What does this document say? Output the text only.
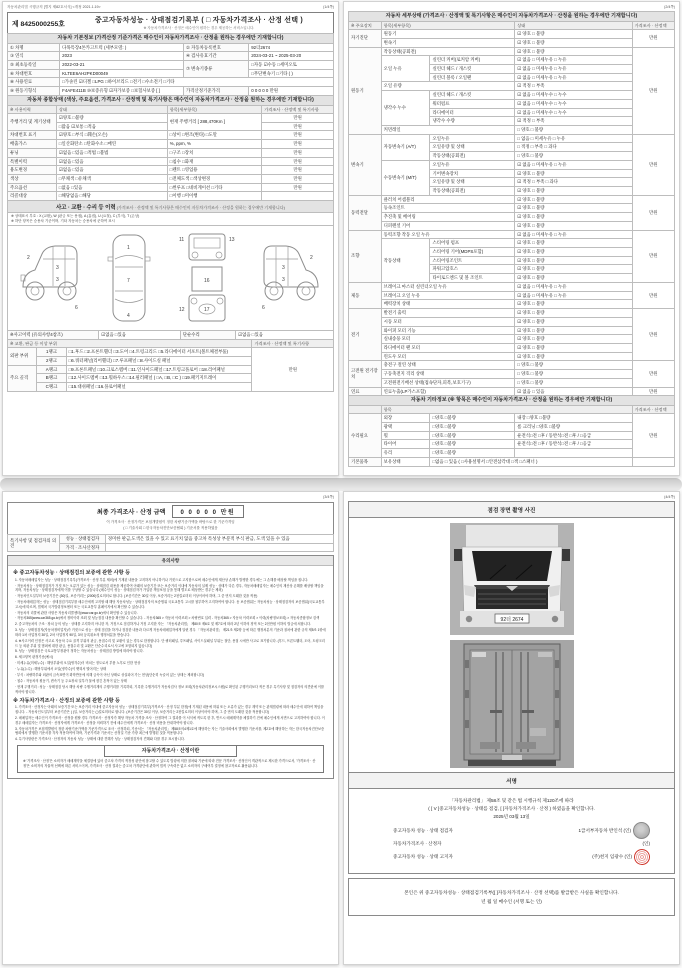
자동차관리법 시행규칙 [별지 제82호서식] <개정 2021.1.19>	(1/4쪽)
제 8425000255호
중고자동차성능 · 상태점검기록부 ( □ 자동차가격조사 · 산정 선택 )
※ 자동차가격조사 · 산정은 매수인이 원하는 경우 제공하는 서비스입니다.
자동차 기본정보 (가격산정 기준가격은 매수인이 자동차가격조사 · 산정을 원하는 경우에만 기재합니다)			
① 차명	다목특장4톤카고트럭 (세부모델: )	② 자동차등록번호	92더2674
③ 연식	2023	④ 검사유효기간	2024-03-21 ~ 2025-03-20
⑤ 최초등록일	2022-03-21	⑦ 변속기종류	□자동 ☑수동 □세미오토
⑥ 차대번호	KLTEE6AH2PKD00049		□무단변속기 □기타 ( )
⑧ 사용연료	□가솔린 ☑디젤 □LPG □하이브리드 □전기 □수소전기 □기타		
⑨ 원동기형식	F4AFE411B ⑩보증유형 ☑자가보증 □보험사보증 [ ]	가격산정기준가격	0 0 0 0 0 만원
자동차 종합상태 (색상, 주요옵션, 가격조사 · 산정액 및 특기사항은 매수인이 자동차가격조사 · 산정을 원하는 경우에만 기재합니다)			
※ 사용이력	상태	항목(세부항목)	가격조사 · 산정액 및 특기사항
주행거리 및 계기상태	☑양호 □불량	현재 주행거리 [ 288,470Km ]	만원
	□많음 ☑보통 □적음		만원
차대번호 표기	☑양호 □부식 □훼손(오손)	□상이 □변조(변타) □도말	만원
배출가스	□일산화탄소 □탄화수소 □매연	%, ppm, %	만원
튜닝	☑없음 □있음 □적법 □불법	□구조 □장치	만원
특별이력	☑없음 □있음	□침수 □화재	만원
용도변경	☑없음 □있음	□렌트 □영업용	만원
색상	□무채색 □유채색	□전체도색 □색상변경	만원
주요옵션	□없음 □있음	□썬루프 □네비게이션 □기타	만원
리콜대상	□해당없음 □해당	□이행 □미이행	
사고 · 교환 · 수리 등 이력 (가격조사 · 산정액 및 특기사항은 매수인이 자동차가격조사 · 산정을 원하는 경우에만 기재합니다)
※ 상태표시 부호 : X (교환), W (판금 또는 용접), A (흠집), U (요철), C (부식), T (손상)
※ 하단 항목은 승용차 기준이며, 기타 자동차는 승용차에 준하여 표시
2
3
3
6
1
7
4
11	13
16
17
12
2
3
3
6
※사고이력 (유의사항4참조)	☑없음 □있음	단순수리	☑없음 □있음
※ 교환, 판금 등 이상 부위			가격조사 · 산정액 및 특기사항
외판 부위	1랭크	□1.후드 □2.프론트휀더 □3.도어 □4.트렁크리드 □5.라디에이터 서포트(볼트체결부품)	만원
	2랭크	□6.쿼터패널(리어휀더) □7.루프패널 □8.사이드실 패널	
주요 골격	A랭크	□9.프론트패널 □10.크로스멤버 □11.인사이드패널 □17.트렁크플로어 □18.리어패널	
	B랭크	□12.사이드멤버 □13.휠하우스 □14.필러패널 ( □A, □B, □C ) □19.패키지트레이	
	C랭크	□15.대쉬패널 □16.플로어패널	
(2/4쪽)
자동차 세부상태 (가격조사 · 산정액 및 특기사항은 매수인이 자동차가격조사 · 산정을 원하는 경우에만 기재합니다)				
※ 주요장치	항목(세부항목)		상태	가격조사 · 산정액
자기진단	원동기		☑ 양호 □ 불량	만원
	변속기		☑ 양호 □ 불량	
원동기	작동상태(공회전)		☑ 양호 □ 불량	만원
	오일 누유	실린더 커버(로커암 커버)	☑ 없음 □ 미세누유 □ 누유	
		실린더 헤드 / 개스킷	☑ 없음 □ 미세누유 □ 누유	
		실린더 블록 / 오일팬	☑ 없음 □ 미세누유 □ 누유	
	오일 유량		☑ 적정 □ 부족	
	냉각수 누수	실린더 헤드 / 개스킷	☑ 없음 □ 미세누수 □ 누수	
		워터펌프	☑ 없음 □ 미세누수 □ 누수	
		라디에이터	☑ 없음 □ 미세누수 □ 누수	
		냉각수 수량	☑ 적정 □ 부족	
	커먼레일		□ 양호 □ 불량	
변속기	자동변속기 (A/T)	오일누유	□ 없음 □ 미세누유 □ 누유	만원
		오일유량 및 상태	□ 적정 □ 부족 □ 과다	
		작동상태(공회전)	□ 양호 □ 불량	
	수동변속기 (M/T)	오일누유	☑ 없음 □ 미세누유 □ 누유	
		기어변속장치	☑ 양호 □ 불량	
		오일유량 및 상태	☑ 적정 □ 부족 □ 과다	
		작동상태(공회전)	☑ 양호 □ 불량	
동력전달	클러치 어셈블리		☑ 양호 □ 불량	만원
	등속조인트		☑ 양호 □ 불량	
	추진축 및 베어링		☑ 양호 □ 불량	
	디퍼렌셜 기어		☑ 양호 □ 불량	
조향	동력조향 작동 오일 누유		☑ 없음 □ 미세누유 □ 누유	만원
	작동상태	스티어링 펌프	☑ 양호 □ 불량	
		스티어링 기어(MDPS포함)	☑ 양호 □ 불량	
		스티어링조인트	☑ 양호 □ 불량	
		파워고압호스	☑ 양호 □ 불량	
		타이로드엔드 및 볼 조인트	☑ 양호 □ 불량	
제동	브레이크 마스터 실린더오일 누유		☑ 없음 □ 미세누유 □ 누유	만원
	브레이크 오일 누유		☑ 없음 □ 미세누유 □ 누유	
	배력장치 상태		☑ 양호 □ 불량	
전기	발전기 출력		☑ 양호 □ 불량	만원
	시동 모터		☑ 양호 □ 불량	
	와이퍼 모터 기능		☑ 양호 □ 불량	
	실내송풍 모터		☑ 양호 □ 불량	
	라디에이터 팬 모터		☑ 양호 □ 불량	
	윈도우 모터		☑ 양호 □ 불량	
고전원 전기장치	충전구 절연 상태		□ 양호 □ 불량	만원
	구동축전지 격리 상태		□ 양호 □ 불량	
	고전원전기배선 상태(접속단자,피복,보호기구)		□ 양호 □ 불량	
연료	연료누출(LP가스포함)		☑ 없음 □ 있음	만원
자동차 기타정보 (※ 항목은 매수인이 자동차가격조사 · 산정을 원하는 경우에만 기재합니다)				
	항목			가격조사 · 산정액
수리필요	외장	□양호 □불량	내장 □양호 □불량	만원
	광택	□양호 □불량	룸 크리닝 □양호 □불량	
	휠	□양호 □불량	운전석□전 □후 / 동반석□전 □후 / □응급	
	타이어	□양호 □불량	운전석□전 □후 / 동반석□전 □후 / □응급	
	유리	□양호 □불량		
기본품목	보유상태	□없음 □ 있음 ( □사용설명서 □안전삼각대 □잭 □스패너 )		
(3/4쪽)
최종 가격조사 · 산정 금액	0 0 0 0 0 만원
이 가격조사 · 산정가격은 보험개발원이 정한 차량기준가액을 바탕으로 한 기준가격임
( □ 기술사회 □ 한국자동차진단보증협회 ) 기준서를 적용하였음
특기사항 및 점검자의 의견	성능 · 상태점검자	경미한 판금,도색은 있을 수 있고 표기치 않음 중고차 특성상 부분적 부식 판금, 도색 있을 수 있음
	가격 · 조사산정자	
유의사항
※ 중고자동차성능 · 상태점검의 보증에 관한 사항 등
1. 자동차매매업자는 성능 · 상태점검기록부(가격조사 · 산정 부분 제외)에 기재된 내용을 고지하지 아니하거나 거짓으로 고지함으로써 매수인에게 재산상 손해가 발생한 경우에는 그 손해를 배상할 책임을 집니다.
· 자동차성능 · 상태점검자가 거짓 또는 오류가 있는 성능 · 상태점검 내용을 제공하여 아래의 보증기간 또는 보증거리 이내에 자동차의 실제 성능 · 상태가 다른 경우, 자동차매매업자는 매수인의 재산상 손해를 배상할 책임을 지며, 자동차성능 · 상태점검자에게 이를 구상할 수 있습니다.(매수인이 성능 · 상태점검자가 가입한 책임보험 등을 통해 별도로 배상받는 경우는 제외)
· 자동차인도일부터 보증기간은 (30)일, 보증거리는 (2000)킬로미터로 합니다. (보증기간은 30일 이상, 보증거리는 2천킬로미터 이상이어야 하며, 그 중 먼저 도래한 것을 적용)
· 자동차매매업자는 성능 · 상태점검기록부를 매수인에게 고지할 때 해당 자동차성능 · 상태점검자의 보증범위 국토교통부 고시를 첨부하여 고지하여야 합니다. 동 보증범위는 자동차성능 · 상태점검자의 보증범위(국토교통부 고시)에 따르며, 법제처 국가법령정보센터 또는 국토교통부 홈페이지에서 확인할 수 있습니다.
· 자동차의 리콜에 관한 사항은 자동차리콜센터(www.car.go.kr)에서 확인할 수 있습니다.
· 자동차365(www.car365.go.kr)에서 정비이력 조회 및 성능점검 내용을 확인할 수 있습니다. - 자동차365 > 자동차 이력조회 > 차량번호 입력 - 자동차365 > 자동차 이력조회 > 이력(차량정보조회) > 자동차종합정보 검색
2. 중고자동차의 구조 · 장치 등의 성능 · 상태를 고지하지 아니한 자, 거짓으로 점검하거나 거짓 고지한 자는 「자동차관리법」 제80조 제6호 및 제7호에 따라 2년 이하의 징역 또는 2천만원 이하의 벌금에 처합니다.
3. 성능 · 상태점검자(자동차정비업자)가 거짓으로 성능 · 상태 점검을 하거나 점검한 내용과 다르게 자동차매매업자에게 알린 경우 「자동차관리법」 제21조 제2항 등에 따른 행정처분의 기준과 절차에 관한 규칙 제5조 1항에 따라 1차 사업정지 30일, 2차 사업정지 90일, 3차 등록취소의 행정처분을 받습니다.
4. ※사고이력 인정은 사고로 자동차 주요 골격 부위의 판금, 용접수리 및 교환이 있는 경우로 한정합니다. 단 쿼터패널, 루프패널, 사이드실패널 부위는 절단, 용접 시에만 사고로 표기합니다. (후드, 프론트휀더, 도어, 트렁크리드 등 외판 부위 및 범퍼에 대한 판금, 용접수리 및 교환은 단순수리로서 사고에 포함되지 않습니다)
5. 성능 · 상태점검은 국토교통부장관이 정하는 자동차성능 · 상태점검 방법에 따라야 합니다.
6. 체크항목 판정기준(예시)
· 미세누유(미세누수) : 해당부위에 오일(냉각수)이 비치는 정도로서 부품 노후로 인한 현상
· 누유(누수) : 해당부위에서 오일(냉각수)이 맺혀서 떨어지는 상태
· 부식 : 차량하부와 외판의 금속표면이 화학반응에 의해 금속이 아닌 상태로 상실되어 가는 현상(단순히 녹슬어 있는 상태는 제외합니다)
· 침수 : 자동차의 원동기, 변속기 등 주요장치 일부가 물에 잠긴 흔적이 있는 상태
· 현재 주행거리 : 성능 · 상태점검 당시 해당 차량 주행거리계의 주행거리를 기록하되, 기록한 주행거리가 자동차검사 정보 조회(자동차관리정보시스템)로 확인된 주행거리보다 적은 경우 특기사항 및 점검자의 의견란에 이를 적어야 합니다.
※ 자동차가격조사 · 산정의 보증에 관한 사항 등
1. 가격조사 · 산정자는 아래의 보증기간 또는 보증거리 이내에 중고자동차 성능 · 상태점검기록부(가격조사 · 산정 부분 한정)에 기재된 내용에 허위 또는 오류가 있는 경우 계약 또는 관계법령에 따라 매수인에 대하여 책임을 집니다. - 자동차인도일부터 보증기간은 ( )일, 보증거리는 ( )킬로미터로 합니다. (보증기간은 30일 이상, 보증거리는 2천킬로미터 이상이어야 하며, 그 중 먼저 도래한 것을 적용합니다)
2. 매매업자는 매수인이 가격조사 · 산정을 원할 경우 가격조사 · 산정자가 해당 자동차 가격을 조사 · 산정하여 그 결과를 이 서식에 적도록 한 후, 반드시 매매계약을 체결하기 전에 매수인에게 서면으로 고지하여야 합니다. 이 경우 매매업자는 가격조사 · 산정자에게 가격조사 · 산정을 의뢰하기 전에 매수인에게 가격조사 · 산정 비용을 안내하여야 합니다.
3. 자동차가격은 보험개발원이 정한 차량기준가액을 기준가격으로 조사 · 산정하되, 기준서는 「자동차관리법」 제58조의4제1호에 해당하는 자는 기술사회에서 발행한 기준서를, 제2호에 해당하는 자는 한국자동차진단보증협회에서 발행한 기준서를 각자 적용하여야 하며, 기준가격과 기준서는 산정일 기준 가장 최근에 발행된 것을 적용합니다.
4. 특기사항란은 가격조사 · 산정자의 자동차 성능 · 상태에 대한 견해가 성능 · 상태점검자의 견해와 다를 경우 표시합니다.
자동차가격조사 · 산정이란
※ '가격조사 · 산정'은 소비자가 매매계약을 체결함에 있어 중고차 가격의 적정성 판단에 참고할 수 있도록 법령에 의한 절차와 기준에 따라 전문 가격조사 · 산정인이 객관적으로 제시한 가격으로서, '가격조사 · 산정'은 소비자의 자율적 선택에 따른 서비스이며, 가격조사 · 산정 결과는 중고차 가격판단에 관하여 법적 구속력은 없고 소비자의 구매여부 결정에 참고자료로 활용됩니다.
(4/4쪽)
점검 장면 촬영 사진
92더 2674
서명
「자동차관리법」 제58조 및 같은 법 시행규칙 제120조에 따라
( [ V ]중고자동차성능 · 상태를 점검, [ ]자동차가격조사 · 산정 ) 하였음을 확인합니다.
2025년 03월 13일
중고자동차 성능 · 상태 점검자	1급서부자동차 반인석 (인)
자동차가격조사 · 산정자	(인)
중고자동차 성능 · 상태 고지자	(주)천지 임광수 (인)
본인은 위 중고자동차성능 · 상태점검기록부([ ]자동차가격조사 · 산정 선택)를 발급받은 사실을 확인합니다.
년 월 일 매수인 (서명 또는 인)
